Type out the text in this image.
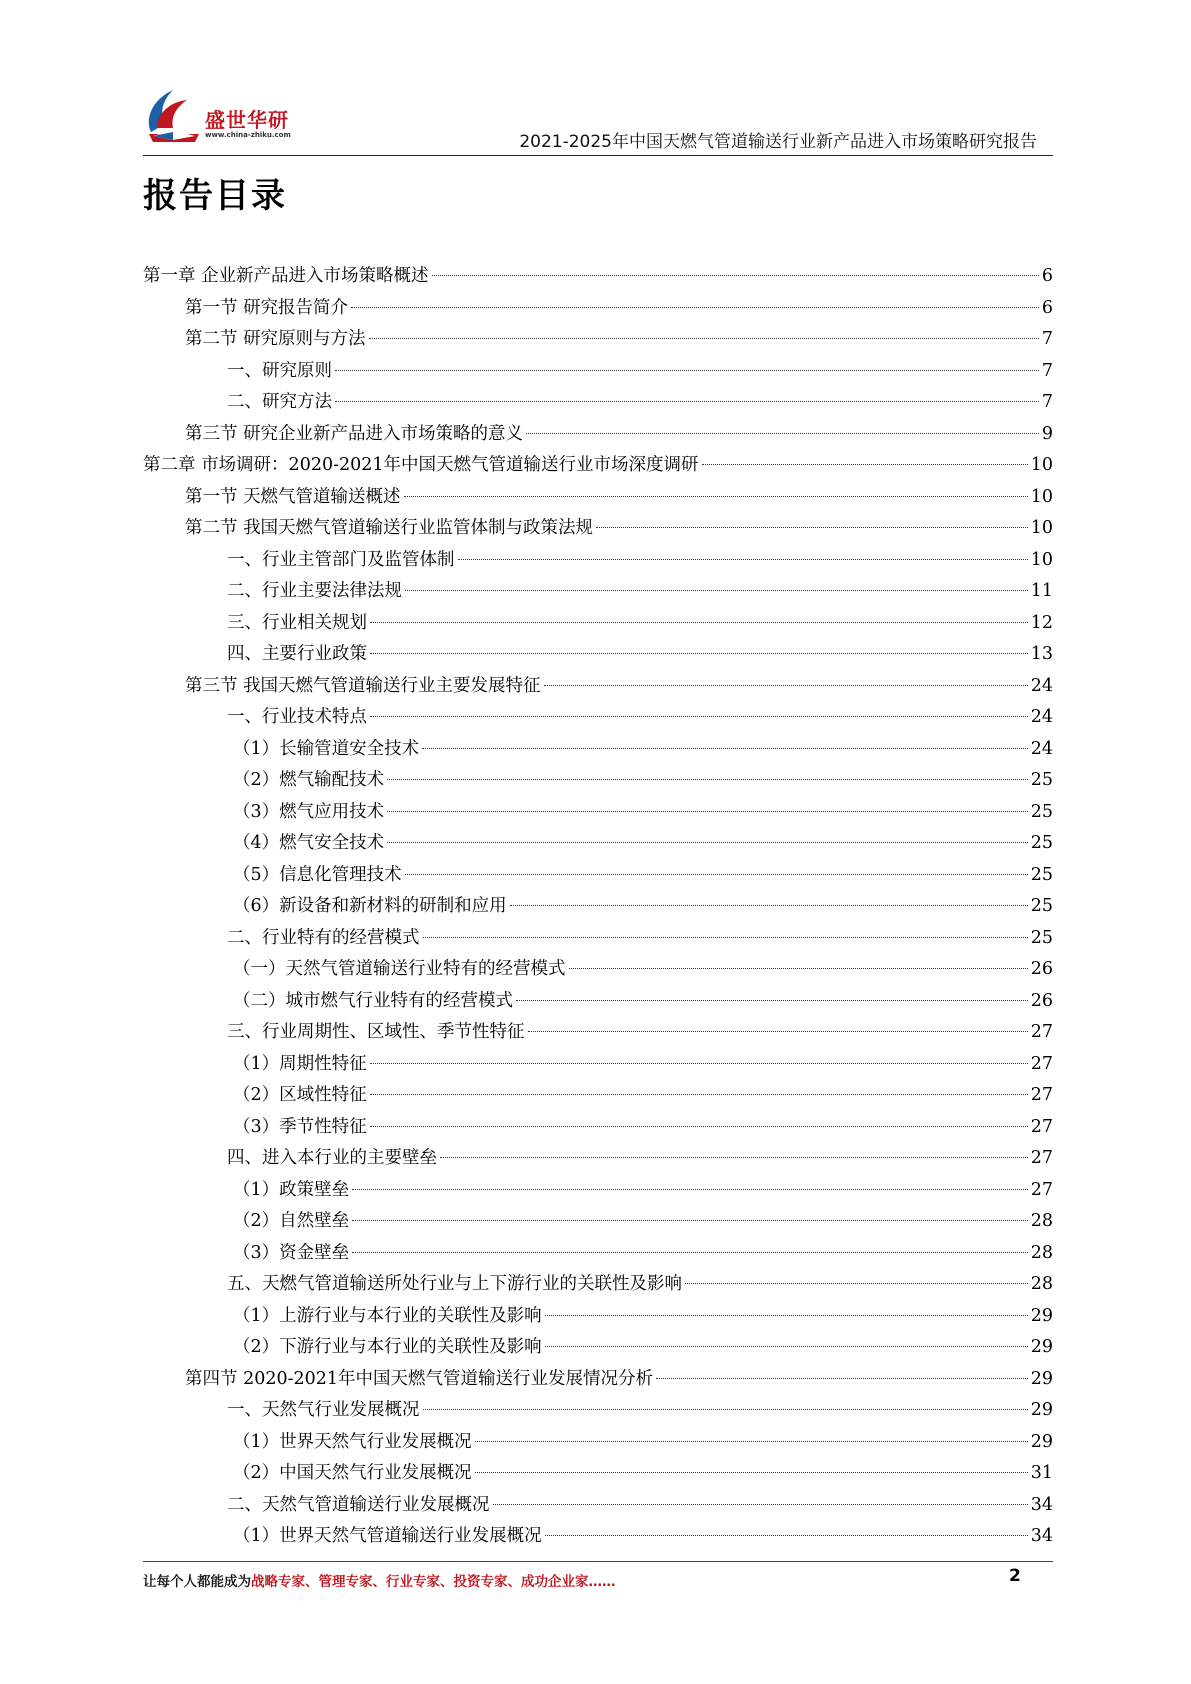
盛世华研
www.china-zhiku.com	2021-2025年中国天燃气管道输送行业新产品进入市场策略研究报告
报告目录
第一章 企业新产品进入市场策略概述	6
第一节 研究报告简介	6
第二节 研究原则与方法	7
一、研究原则	7
二、研究方法	7
第三节 研究企业新产品进入市场策略的意义	9
第二章 市场调研：2020-2021年中国天燃气管道输送行业市场深度调研	10
第一节 天燃气管道输送概述	10
第二节 我国天燃气管道输送行业监管体制与政策法规	10
一、行业主管部门及监管体制	10
二、行业主要法律法规	11
三、行业相关规划	12
四、主要行业政策	13
第三节 我国天燃气管道输送行业主要发展特征	24
一、行业技术特点	24
（1）长输管道安全技术	24
（2）燃气输配技术	25
（3）燃气应用技术	25
（4）燃气安全技术	25
（5）信息化管理技术	25
（6）新设备和新材料的研制和应用	25
二、行业特有的经营模式	25
（一）天然气管道输送行业特有的经营模式	26
（二）城市燃气行业特有的经营模式	26
三、行业周期性、区域性、季节性特征	27
（1）周期性特征	27
（2）区域性特征	27
（3）季节性特征	27
四、进入本行业的主要壁垒	27
（1）政策壁垒	27
（2）自然壁垒	28
（3）资金壁垒	28
五、天燃气管道输送所处行业与上下游行业的关联性及影响	28
（1）上游行业与本行业的关联性及影响	29
（2）下游行业与本行业的关联性及影响	29
第四节 2020-2021年中国天燃气管道输送行业发展情况分析	29
一、天然气行业发展概况	29
（1）世界天然气行业发展概况	29
（2）中国天然气行业发展概况	31
二、天然气管道输送行业发展概况	34
（1）世界天然气管道输送行业发展概况	34
让每个人都能成为战略专家、管理专家、行业专家、投资专家、成功企业家……	2
